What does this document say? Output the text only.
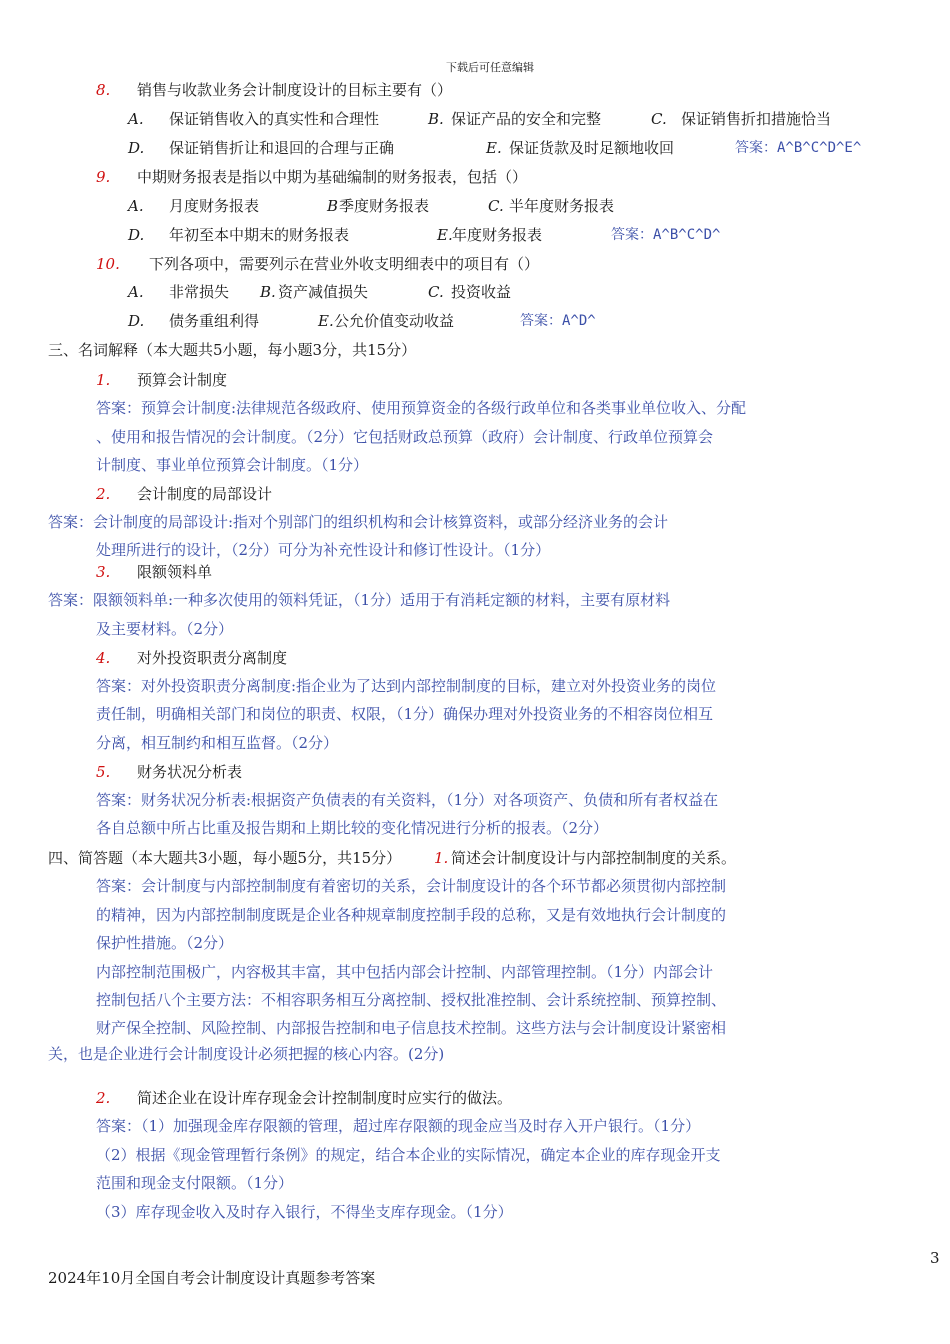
下载后可任意编辑
8. 销售与收款业务会计制度设计的目标主要有（）
A. 保证销售收入的真实性和合理性	B. 保证产品的安全和完整	C. 保证销售折扣措施恰当
D. 保证销售折让和退回的合理与正确	E. 保证货款及时足额地收回	答案：A^B^C^D^E^
9. 中期财务报表是指以中期为基础编制的财务报表，包括（）
A. 月度财务报表	B 季度财务报表	C. 半年度财务报表
D. 年初至本中期末的财务报表	E. 年度财务报表	答案：A^B^C^D^
10. 下列各项中，需要列示在营业外收支明细表中的项目有（）
A. 非常损失 B. 资产减值损失	C. 投资收益
D. 债务重组利得	E. 公允价值变动收益	答案：A^D^
三、名词解释（本大题共5小题，每小题3分，共15分）
1. 预算会计制度
答案：预算会计制度:法律规范各级政府、使用预算资金的各级行政单位和各类事业单位收入、分配
、使用和报告情况的会计制度。（2分）它包括财政总预算（政府）会计制度、行政单位预算会
计制度、事业单位预算会计制度。（1分）
2. 会计制度的局部设计
答案：会计制度的局部设计:指对个别部门的组织机构和会计核算资料，或部分经济业务的会计
处理所进行的设计，（2分）可分为补充性设计和修订性设计。（1分）
3. 限额领料单
答案：限额领料单:一种多次使用的领料凭证，（1分）适用于有消耗定额的材料，主要有原材料
及主要材料。（2分）
4. 对外投资职责分离制度
答案：对外投资职责分离制度:指企业为了达到内部控制制度的目标，建立对外投资业务的岗位
责任制，明确相关部门和岗位的职责、权限，（1分）确保办理对外投资业务的不相容岗位相互
分离，相互制约和相互监督。（2分）
5. 财务状况分析表
答案：财务状况分析表:根据资产负债表的有关资料，（1分）对各项资产、负债和所有者权益在
各自总额中所占比重及报告期和上期比较的变化情况进行分析的报表。（2分）
四、简答题（本大题共3小题，每小题5分，共15分） 1. 简述会计制度设计与内部控制制度的关系。
答案：会计制度与内部控制制度有着密切的关系，会计制度设计的各个环节都必须贯彻内部控制
的精神，因为内部控制制度既是企业各种规章制度控制手段的总称，又是有效地执行会计制度的
保护性措施。（2分）
内部控制范围极广，内容极其丰富，其中包括内部会计控制、内部管理控制。（1分）内部会计
控制包括八个主要方法：不相容职务相互分离控制、授权批准控制、会计系统控制、预算控制、
财产保全控制、风险控制、内部报告控制和电子信息技术控制。这些方法与会计制度设计紧密相
关，也是企业进行会计制度设计必须把握的核心内容。(2分)
2. 简述企业在设计库存现金会计控制制度时应实行的做法。
答案：（1）加强现金库存限额的管理，超过库存限额的现金应当及时存入开户银行。（1分）
（2）根据《现金管理暂行条例》的规定，结合本企业的实际情况，确定本企业的库存现金开支
范围和现金支付限额。（1分）
（3）库存现金收入及时存入银行，不得坐支库存现金。（1分）
3
2024年10月全国自考会计制度设计真题参考答案
